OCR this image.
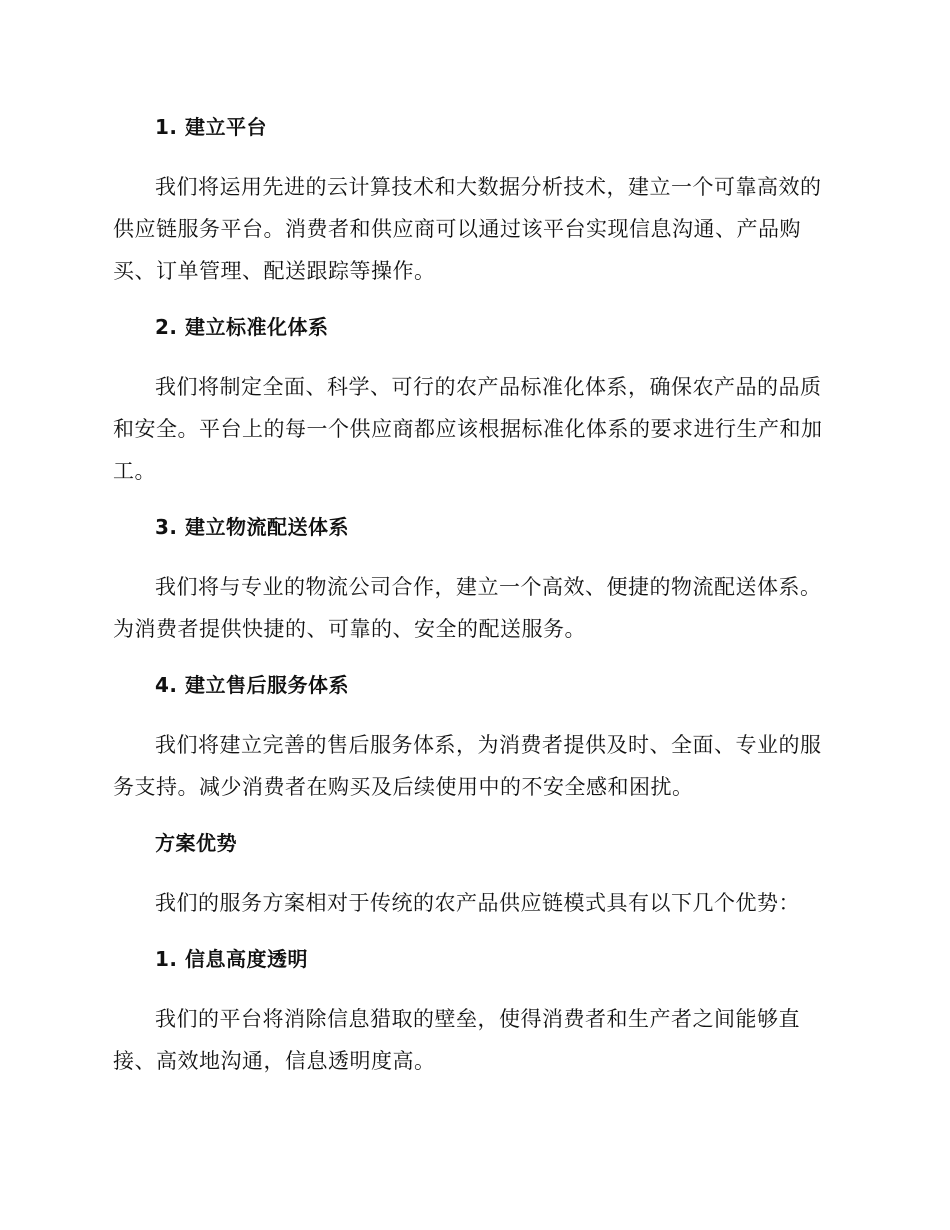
1. 建立平台

我们将运用先进的云计算技术和大数据分析技术，建立一个可靠高效的供应链服务平台。消费者和供应商可以通过该平台实现信息沟通、产品购买、订单管理、配送跟踪等操作。

2. 建立标准化体系

我们将制定全面、科学、可行的农产品标准化体系，确保农产品的品质和安全。平台上的每一个供应商都应该根据标准化体系的要求进行生产和加工。

3. 建立物流配送体系

我们将与专业的物流公司合作，建立一个高效、便捷的物流配送体系。为消费者提供快捷的、可靠的、安全的配送服务。

4. 建立售后服务体系

我们将建立完善的售后服务体系，为消费者提供及时、全面、专业的服务支持。减少消费者在购买及后续使用中的不安全感和困扰。

方案优势

我们的服务方案相对于传统的农产品供应链模式具有以下几个优势：

1. 信息高度透明

我们的平台将消除信息猎取的壁垒，使得消费者和生产者之间能够直接、高效地沟通，信息透明度高。
